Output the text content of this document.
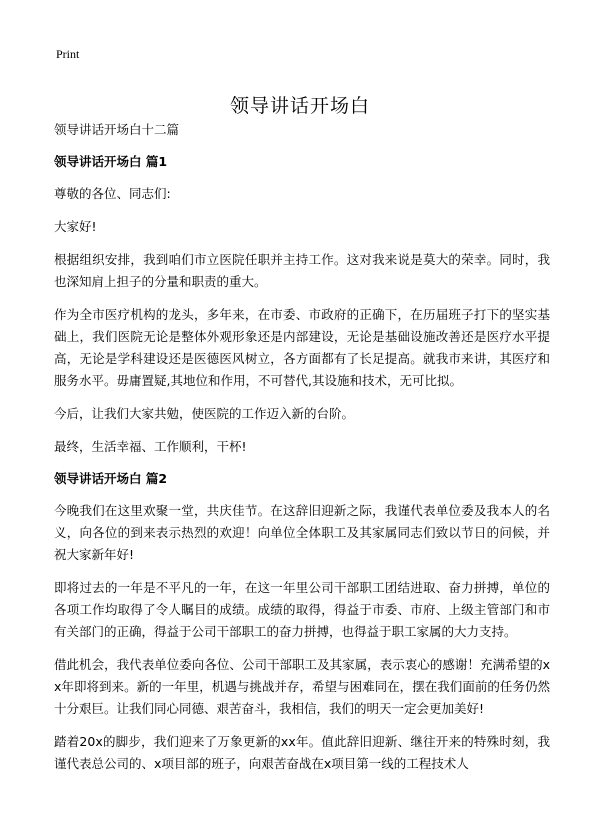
Print
领导讲话开场白
领导讲话开场白十二篇
领导讲话开场白 篇1

尊敬的各位、同志们:

大家好!

根据组织安排，我到咱们市立医院任职并主持工作。这对我来说是莫大的荣幸。同时，我也深知肩上担子的分量和职责的重大。

作为全市医疗机构的龙头，多年来，在市委、市政府的正确下，在历届班子打下的坚实基础上，我们医院无论是整体外观形象还是内部建设，无论是基础设施改善还是医疗水平提高，无论是学科建设还是医德医风树立，各方面都有了长足提高。就我市来讲，其医疗和服务水平。毋庸置疑,其地位和作用，不可替代,其设施和技术，无可比拟。

今后，让我们大家共勉，使医院的工作迈入新的台阶。

最终，生活幸福、工作顺利，干杯!

领导讲话开场白 篇2

今晚我们在这里欢聚一堂，共庆佳节。在这辞旧迎新之际，我谨代表单位委及我本人的名义，向各位的到来表示热烈的欢迎！向单位全体职工及其家属同志们致以节日的问候，并祝大家新年好!

即将过去的一年是不平凡的一年，在这一年里公司干部职工团结进取、奋力拼搏，单位的各项工作均取得了令人瞩目的成绩。成绩的取得，得益于市委、市府、上级主管部门和市有关部门的正确，得益于公司干部职工的奋力拼搏，也得益于职工家属的大力支持。

借此机会，我代表单位委向各位、公司干部职工及其家属，表示衷心的感谢！充满希望的xx年即将到来。新的一年里，机遇与挑战并存，希望与困难同在，摆在我们面前的任务仍然十分艰巨。让我们同心同德、艰苦奋斗，我相信，我们的明天一定会更加美好!

踏着20x的脚步，我们迎来了万象更新的xx年。值此辞旧迎新、继往开来的特殊时刻，我谨代表总公司的、x项目部的班子，向艰苦奋战在x项目第一线的工程技术人
